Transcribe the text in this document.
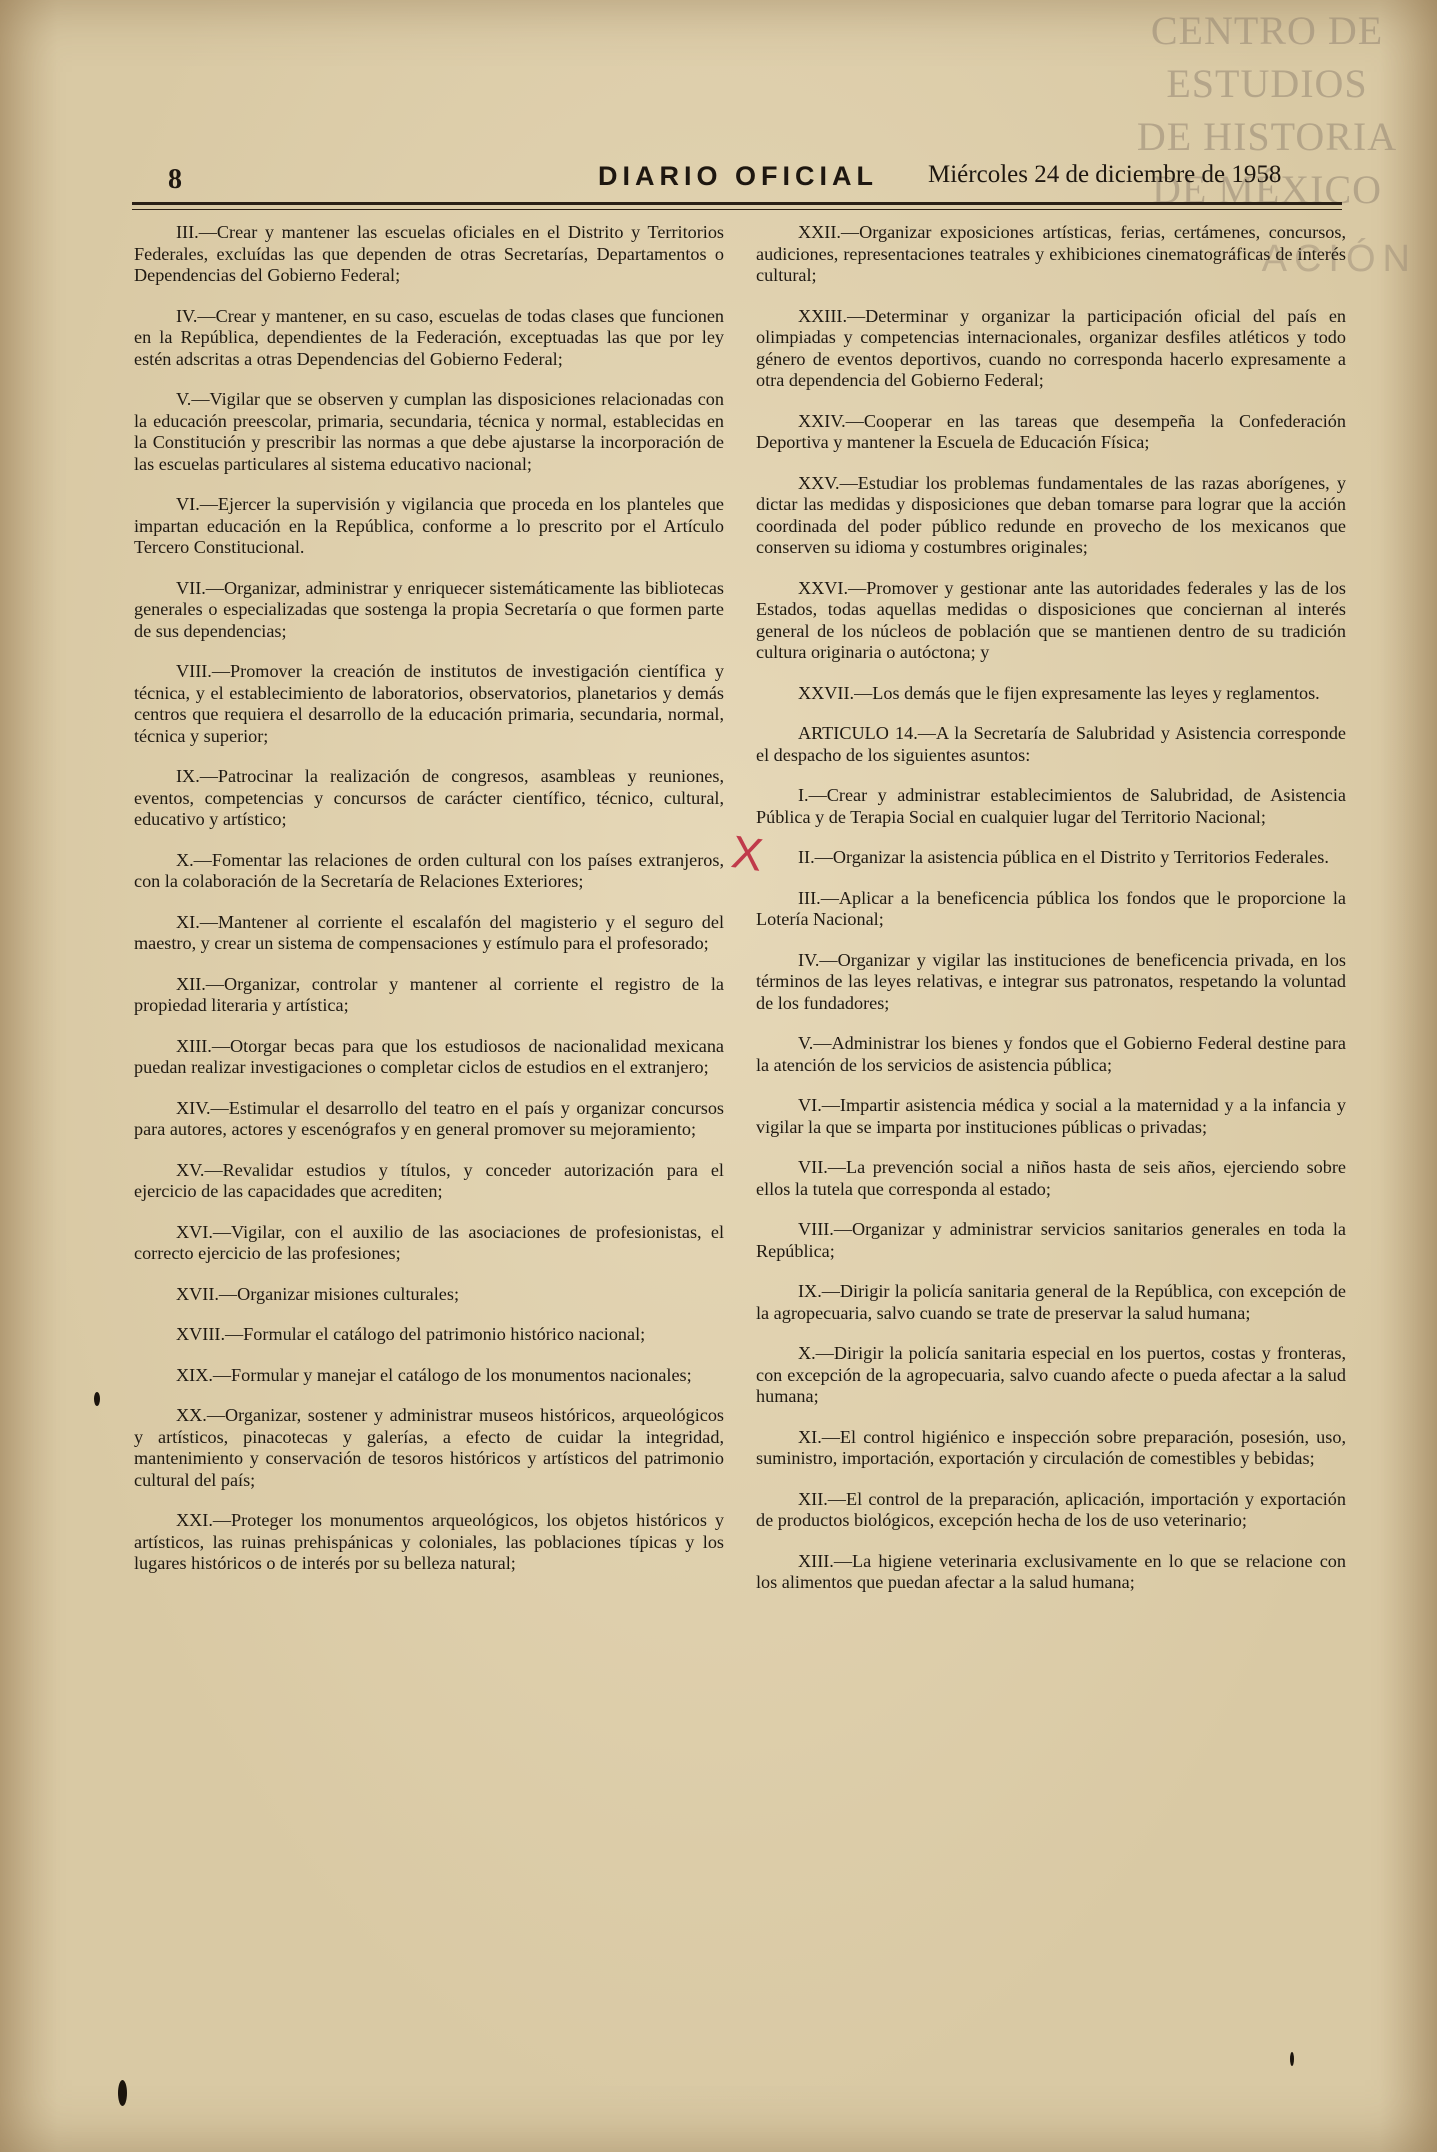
CENTRO DE
ESTUDIOS
DE HISTORIA
DE MÉXICO
ACIÓN
8	DIARIO OFICIAL Miércoles 24 de diciembre de 1958

III.—Crear y mantener las escuelas oficiales en el Distrito y Territorios Federales, excluídas las que dependen de otras Secretarías, Departamentos o Dependencias del Gobierno Federal;

IV.—Crear y mantener, en su caso, escuelas de todas clases que funcionen en la República, dependientes de la Federación, exceptuadas las que por ley estén adscritas a otras Dependencias del Gobierno Federal;

V.—Vigilar que se observen y cumplan las disposiciones relacionadas con la educación preescolar, primaria, secundaria, técnica y normal, establecidas en la Constitución y prescribir las normas a que debe ajustarse la incorporación de las escuelas particulares al sistema educativo nacional;

VI.—Ejercer la supervisión y vigilancia que proceda en los planteles que impartan educación en la República, conforme a lo prescrito por el Artículo Tercero Constitucional.

VII.—Organizar, administrar y enriquecer sistemáticamente las bibliotecas generales o especializadas que sostenga la propia Secretaría o que formen parte de sus dependencias;

VIII.—Promover la creación de institutos de investigación científica y técnica, y el establecimiento de laboratorios, observatorios, planetarios y demás centros que requiera el desarrollo de la educación primaria, secundaria, normal, técnica y superior;

IX.—Patrocinar la realización de congresos, asambleas y reuniones, eventos, competencias y concursos de carácter científico, técnico, cultural, educativo y artístico;

X.—Fomentar las relaciones de orden cultural con los países extranjeros, con la colaboración de la Secretaría de Relaciones Exteriores;

XI.—Mantener al corriente el escalafón del magisterio y el seguro del maestro, y crear un sistema de compensaciones y estímulo para el profesorado;

XII.—Organizar, controlar y mantener al corriente el registro de la propiedad literaria y artística;

XIII.—Otorgar becas para que los estudiosos de nacionalidad mexicana puedan realizar investigaciones o completar ciclos de estudios en el extranjero;

XIV.—Estimular el desarrollo del teatro en el país y organizar concursos para autores, actores y escenógrafos y en general promover su mejoramiento;

XV.—Revalidar estudios y títulos, y conceder autorización para el ejercicio de las capacidades que acrediten;

XVI.—Vigilar, con el auxilio de las asociaciones de profesionistas, el correcto ejercicio de las profesiones;

XVII.—Organizar misiones culturales;

XVIII.—Formular el catálogo del patrimonio histórico nacional;

XIX.—Formular y manejar el catálogo de los monumentos nacionales;

XX.—Organizar, sostener y administrar museos históricos, arqueológicos y artísticos, pinacotecas y galerías, a efecto de cuidar la integridad, mantenimiento y conservación de tesoros históricos y artísticos del patrimonio cultural del país;

XXI.—Proteger los monumentos arqueológicos, los objetos históricos y artísticos, las ruinas prehispánicas y coloniales, las poblaciones típicas y los lugares históricos o de interés por su belleza natural;

XXII.—Organizar exposiciones artísticas, ferias, certámenes, concursos, audiciones, representaciones teatrales y exhibiciones cinematográficas de interés cultural;

XXIII.—Determinar y organizar la participación oficial del país en olimpiadas y competencias internacionales, organizar desfiles atléticos y todo género de eventos deportivos, cuando no corresponda hacerlo expresamente a otra dependencia del Gobierno Federal;

XXIV.—Cooperar en las tareas que desempeña la Confederación Deportiva y mantener la Escuela de Educación Física;

XXV.—Estudiar los problemas fundamentales de las razas aborígenes, y dictar las medidas y disposiciones que deban tomarse para lograr que la acción coordinada del poder público redunde en provecho de los mexicanos que conserven su idioma y costumbres originales;

XXVI.—Promover y gestionar ante las autoridades federales y las de los Estados, todas aquellas medidas o disposiciones que conciernan al interés general de los núcleos de población que se mantienen dentro de su tradición cultura originaria o autóctona; y

XXVII.—Los demás que le fijen expresamente las leyes y reglamentos.

ARTICULO 14.—A la Secretaría de Salubridad y Asistencia corresponde el despacho de los siguientes asuntos:

I.—Crear y administrar establecimientos de Salubridad, de Asistencia Pública y de Terapia Social en cualquier lugar del Territorio Nacional;

II.—Organizar la asistencia pública en el Distrito y Territorios Federales.

III.—Aplicar a la beneficencia pública los fondos que le proporcione la Lotería Nacional;

IV.—Organizar y vigilar las instituciones de beneficencia privada, en los términos de las leyes relativas, e integrar sus patronatos, respetando la voluntad de los fundadores;

V.—Administrar los bienes y fondos que el Gobierno Federal destine para la atención de los servicios de asistencia pública;

VI.—Impartir asistencia médica y social a la maternidad y a la infancia y vigilar la que se imparta por instituciones públicas o privadas;

VII.—La prevención social a niños hasta de seis años, ejerciendo sobre ellos la tutela que corresponda al estado;

VIII.—Organizar y administrar servicios sanitarios generales en toda la República;

IX.—Dirigir la policía sanitaria general de la República, con excepción de la agropecuaria, salvo cuando se trate de preservar la salud humana;

X.—Dirigir la policía sanitaria especial en los puertos, costas y fronteras, con excepción de la agropecuaria, salvo cuando afecte o pueda afectar a la salud humana;

XI.—El control higiénico e inspección sobre preparación, posesión, uso, suministro, importación, exportación y circulación de comestibles y bebidas;

XII.—El control de la preparación, aplicación, importación y exportación de productos biológicos, excepción hecha de los de uso veterinario;

XIII.—La higiene veterinaria exclusivamente en lo que se relacione con los alimentos que puedan afectar a la salud humana;

X
